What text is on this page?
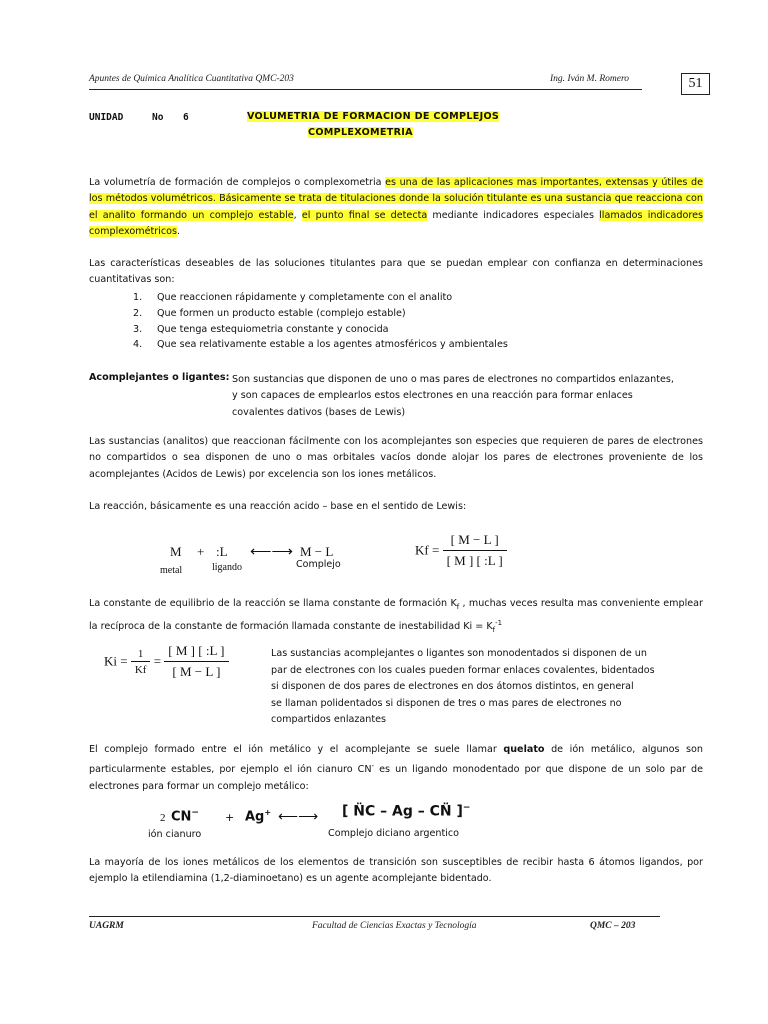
Apuntes de Química Analítica Cuantitativa QMC-203	Ing. Iván M. Romero	51
UNIDAD	No 6	VOLUMETRIA DE FORMACION DE COMPLEJOS
COMPLEXOMETRIA
La volumetría de formación de complejos o complexometria es una de las aplicaciones mas importantes, extensas y útiles de los métodos volumétricos. Básicamente se trata de titulaciones donde la solución titulante es una sustancia que reacciona con el analito formando un complejo estable, el punto final se detecta mediante indicadores especiales llamados indicadores complexométricos.
Las características deseables de las soluciones titulantes para que se puedan emplear con confianza en determinaciones cuantitativas son:
1. Que reaccionen rápidamente y completamente con el analito
2. Que formen un producto estable (complejo estable)
3. Que tenga estequiometria constante y conocida
4. Que sea relativamente estable a los agentes atmosféricos y ambientales
Acomplejantes o ligantes: Son sustancias que disponen de uno o mas pares de electrones no compartidos enlazantes,
y son capaces de emplearlos estos electrones en una reacción para formar enlaces
covalentes dativos (bases de Lewis)
Las sustancias (analitos) que reaccionan fácilmente con los acomplejantes son especies que requieren de pares de electrones no compartidos o sea disponen de uno o mas orbitales vacíos donde alojar los pares de electrones proveniente de los acomplejantes (Acidos de Lewis) por excelencia son los iones metálicos.
La reacción, básicamente es una reacción acido – base en el sentido de Lewis:
M + :L ⟵⟶ M − L
metal	ligando	Complejo
$Kf = \frac{[ M - L ]}{[ M ] [ :L ]}$
La constante de equilibrio de la reacción se llama constante de formación $K_f$ , muchas veces resulta mas conveniente emplear la recíproca de la constante de formación llamada constante de inestabilidad $Ki = K_f^{-1}$
$Ki = \frac{1}{Kf} = \frac{[ M ] [ :L ]}{[ M - L ]}$	Las sustancias acomplejantes o ligantes son monodentados si disponen de un
par de electrones con los cuales pueden formar enlaces covalentes, bidentados
si disponen de dos pares de electrones en dos átomos distintos, en general
se llaman polidentados si disponen de tres o mas pares de electrones no
compartidos enlazantes
El complejo formado entre el ión metálico y el acomplejante se suele llamar quelato de ión metálico, algunos son particularmente estables, por ejemplo el ión cianuro CN- es un ligando monodentado por que dispone de un solo par de electrones para formar un complejo metálico:
2 CN− + Ag+ ⟵⟶ [ N̈C – Ag – CN̈ ]−
ión cianuro	Complejo diciano argentico
La mayoría de los iones metálicos de los elementos de transición son susceptibles de recibir hasta 6 átomos ligandos, por ejemplo la etilendiamina (1,2-diaminoetano) es un agente acomplejante bidentado.
UAGRM	Facultad de Ciencias Exactas y Tecnología	QMC – 203
